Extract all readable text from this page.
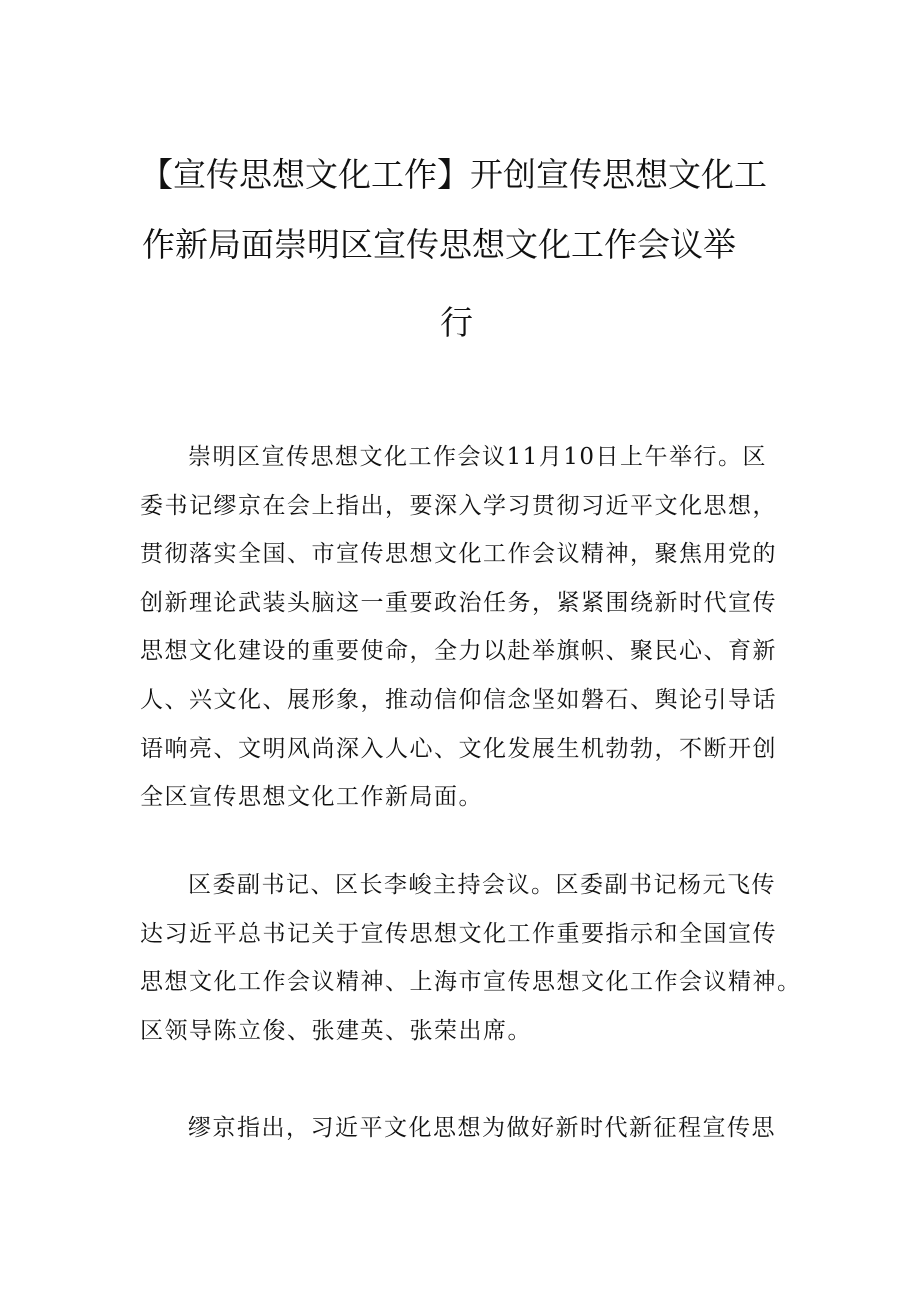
【宣传思想文化工作】开创宣传思想文化工
作新局面崇明区宣传思想文化工作会议举
行

崇明区宣传思想文化工作会议11月10日上午举行。区
委书记缪京在会上指出，要深入学习贯彻习近平文化思想，
贯彻落实全国、市宣传思想文化工作会议精神，聚焦用党的
创新理论武装头脑这一重要政治任务，紧紧围绕新时代宣传
思想文化建设的重要使命，全力以赴举旗帜、聚民心、育新
人、兴文化、展形象，推动信仰信念坚如磐石、舆论引导话
语响亮、文明风尚深入人心、文化发展生机勃勃，不断开创
全区宣传思想文化工作新局面。

区委副书记、区长李峻主持会议。区委副书记杨元飞传
达习近平总书记关于宣传思想文化工作重要指示和全国宣传
思想文化工作会议精神、上海市宣传思想文化工作会议精神。
区领导陈立俊、张建英、张荣出席。

缪京指出，习近平文化思想为做好新时代新征程宣传思
